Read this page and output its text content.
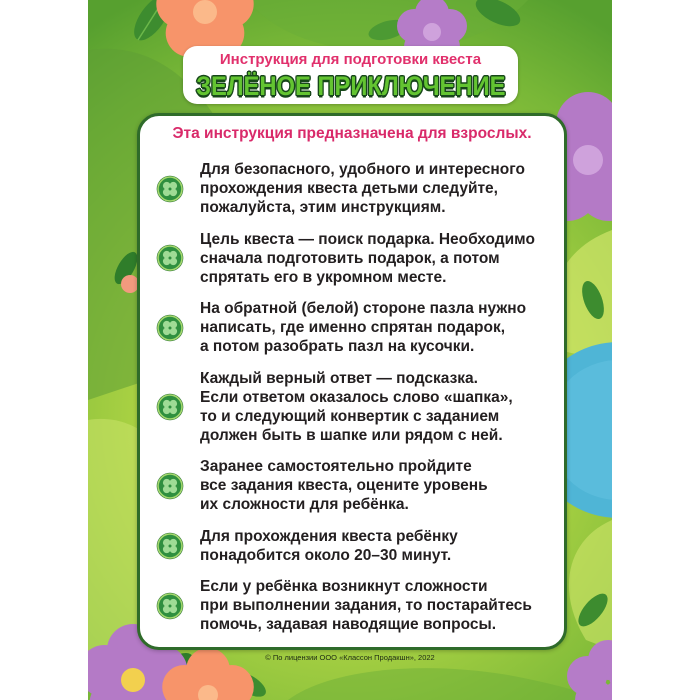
Инструкция для подготовки квеста
ЗЕЛЁНОЕ ПРИКЛЮЧЕНИЕ
Эта инструкция предназначена для взрослых.
Для безопасного, удобного и интересного
прохождения квеста детьми следуйте,
пожалуйста, этим инструкциям.
Цель квеста — поиск подарка. Необходимо
сначала подготовить подарок, а потом
спрятать его в укромном месте.
На обратной (белой) стороне пазла нужно
написать, где именно спрятан подарок,
а потом разобрать пазл на кусочки.
Каждый верный ответ — подсказка.
Если ответом оказалось слово «шапка»,
то и следующий конвертик с заданием
должен быть в шапке или рядом с ней.
Заранее самостоятельно пройдите
все задания квеста, оцените уровень
их сложности для ребёнка.
Для прохождения квеста ребёнку
понадобится около 20–30 минут.
Если у ребёнка возникнут сложности
при выполнении задания, то постарайтесь
помочь, задавая наводящие вопросы.
© По лицензии ООО «Классон Продакшн», 2022
